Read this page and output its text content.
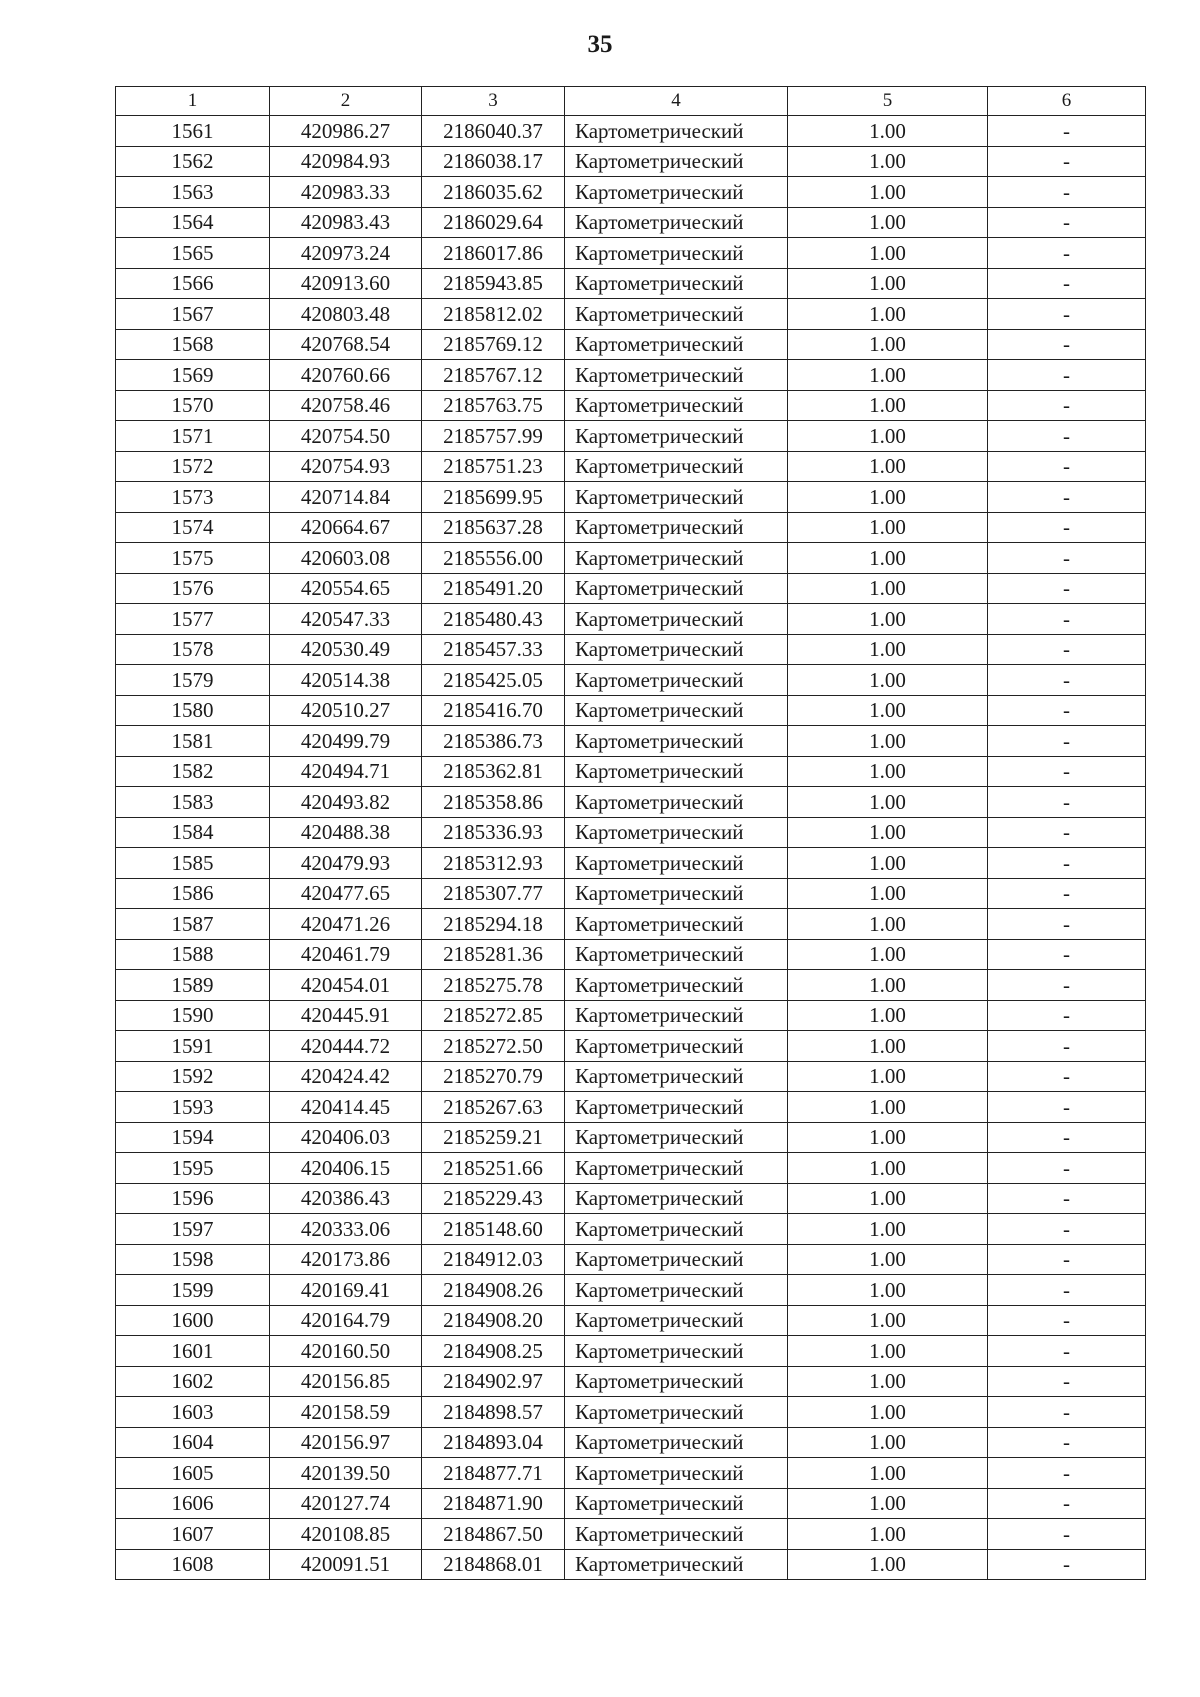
35
1	2	3	4	5	6
1561	420986.27	2186040.37	Картометрический	1.00	-
1562	420984.93	2186038.17	Картометрический	1.00	-
1563	420983.33	2186035.62	Картометрический	1.00	-
1564	420983.43	2186029.64	Картометрический	1.00	-
1565	420973.24	2186017.86	Картометрический	1.00	-
1566	420913.60	2185943.85	Картометрический	1.00	-
1567	420803.48	2185812.02	Картометрический	1.00	-
1568	420768.54	2185769.12	Картометрический	1.00	-
1569	420760.66	2185767.12	Картометрический	1.00	-
1570	420758.46	2185763.75	Картометрический	1.00	-
1571	420754.50	2185757.99	Картометрический	1.00	-
1572	420754.93	2185751.23	Картометрический	1.00	-
1573	420714.84	2185699.95	Картометрический	1.00	-
1574	420664.67	2185637.28	Картометрический	1.00	-
1575	420603.08	2185556.00	Картометрический	1.00	-
1576	420554.65	2185491.20	Картометрический	1.00	-
1577	420547.33	2185480.43	Картометрический	1.00	-
1578	420530.49	2185457.33	Картометрический	1.00	-
1579	420514.38	2185425.05	Картометрический	1.00	-
1580	420510.27	2185416.70	Картометрический	1.00	-
1581	420499.79	2185386.73	Картометрический	1.00	-
1582	420494.71	2185362.81	Картометрический	1.00	-
1583	420493.82	2185358.86	Картометрический	1.00	-
1584	420488.38	2185336.93	Картометрический	1.00	-
1585	420479.93	2185312.93	Картометрический	1.00	-
1586	420477.65	2185307.77	Картометрический	1.00	-
1587	420471.26	2185294.18	Картометрический	1.00	-
1588	420461.79	2185281.36	Картометрический	1.00	-
1589	420454.01	2185275.78	Картометрический	1.00	-
1590	420445.91	2185272.85	Картометрический	1.00	-
1591	420444.72	2185272.50	Картометрический	1.00	-
1592	420424.42	2185270.79	Картометрический	1.00	-
1593	420414.45	2185267.63	Картометрический	1.00	-
1594	420406.03	2185259.21	Картометрический	1.00	-
1595	420406.15	2185251.66	Картометрический	1.00	-
1596	420386.43	2185229.43	Картометрический	1.00	-
1597	420333.06	2185148.60	Картометрический	1.00	-
1598	420173.86	2184912.03	Картометрический	1.00	-
1599	420169.41	2184908.26	Картометрический	1.00	-
1600	420164.79	2184908.20	Картометрический	1.00	-
1601	420160.50	2184908.25	Картометрический	1.00	-
1602	420156.85	2184902.97	Картометрический	1.00	-
1603	420158.59	2184898.57	Картометрический	1.00	-
1604	420156.97	2184893.04	Картометрический	1.00	-
1605	420139.50	2184877.71	Картометрический	1.00	-
1606	420127.74	2184871.90	Картометрический	1.00	-
1607	420108.85	2184867.50	Картометрический	1.00	-
1608	420091.51	2184868.01	Картометрический	1.00	-
